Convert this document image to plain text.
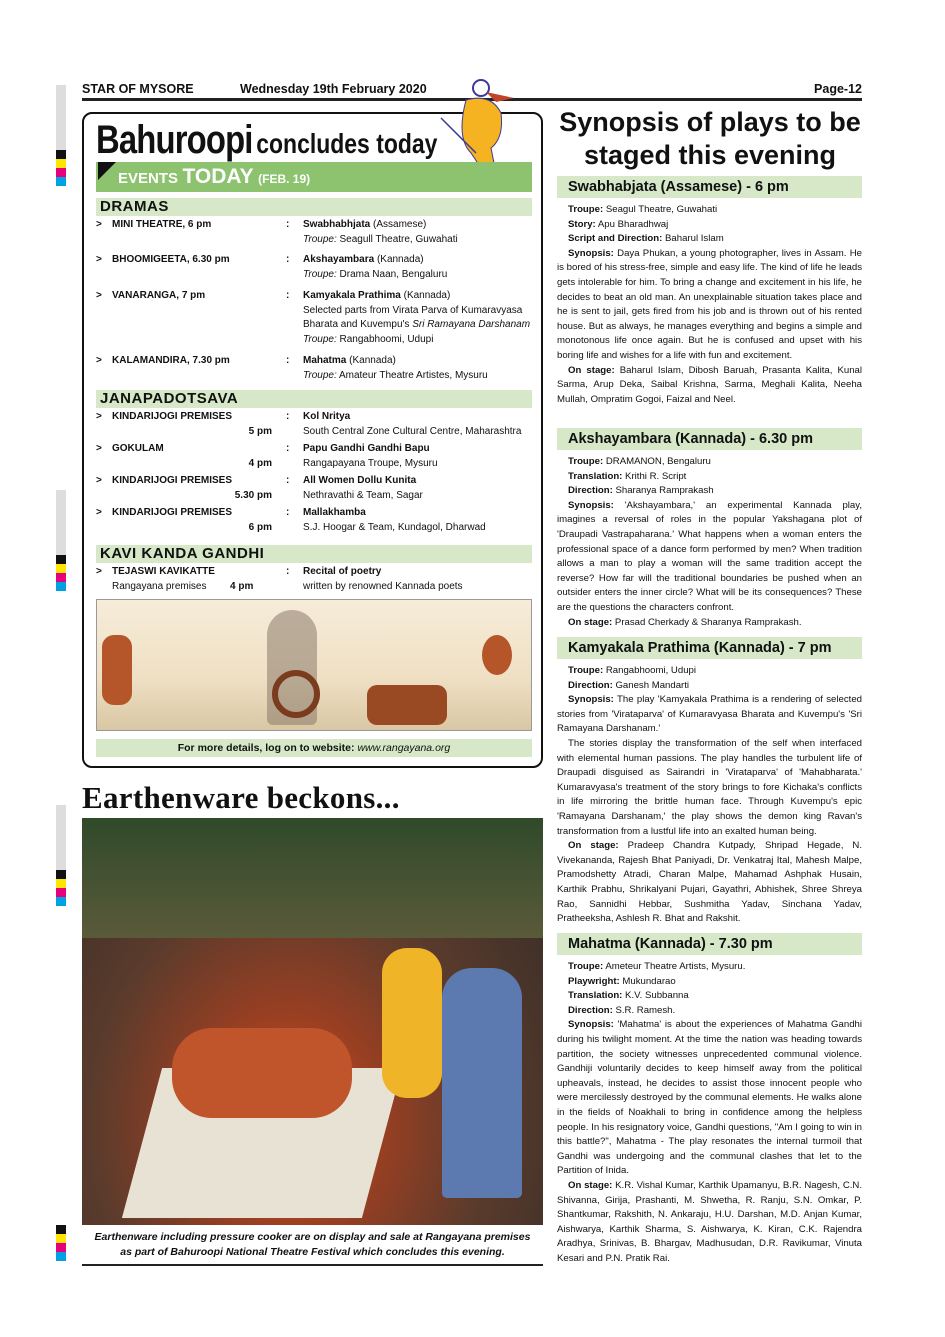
STAR OF MYSORE	Wednesday 19th February 2020	Page-12
Bahuroopi concludes today
EVENTS TODAY (FEB. 19)
DRAMAS
> MINI THEATRE, 6 pm	: Swabhabhjata (Assamese)
Troupe: Seagull Theatre, Guwahati
> BHOOMIGEETA, 6.30 pm	: Akshayambara (Kannada)
Troupe: Drama Naan, Bengaluru
> VANARANGA, 7 pm	: Kamyakala Prathima (Kannada)
Selected parts from Virata Parva of Kumaravyasa
Bharata and Kuvempu's Sri Ramayana Darshanam
Troupe: Rangabhoomi, Udupi
> KALAMANDIRA, 7.30 pm	: Mahatma (Kannada)
Troupe: Amateur Theatre Artistes, Mysuru
JANAPADOTSAVA
> KINDARIJOGI PREMISES
5 pm
: Kol Nritya
South Central Zone Cultural Centre, Maharashtra
> GOKULAM
4 pm
: Papu Gandhi Gandhi Bapu
Rangapayana Troupe, Mysuru
> KINDARIJOGI PREMISES
5.30 pm
: All Women Dollu Kunita
Nethravathi & Team, Sagar
> KINDARIJOGI PREMISES
6 pm
: Mallakhamba
S.J. Hoogar & Team, Kundagol, Dharwad
KAVI KANDA GANDHI
> TEJASWI KAVIKATTE
Rangayana premises 4 pm
: Recital of poetry
written by renowned Kannada poets
For more details, log on to website: www.rangayana.org
Earthenware beckons...
Earthenware including pressure cooker are on display and sale at Rangayana premises
as part of Bahuroopi National Theatre Festival which concludes this evening.
Synopsis of plays to be staged this evening
Swabhabjata (Assamese) - 6 pm

Troupe: Seagul Theatre, Guwahati

Story: Apu Bharadhwaj

Script and Direction: Baharul Islam

Synopsis: Daya Phukan, a young photographer, lives in Assam. He is bored of his stress-free, simple and easy life. The kind of life he leads gets intolerable for him. To bring a change and excitement in his life, he decides to beat an old man. An unexplainable situation takes place and he is sent to jail, gets fired from his job and is thrown out of his rented house. But as always, he manages everything and begins a simple and monotonous life once again. But he is confused and upset with his boring life and wishes for a life with fun and excitement.

On stage: Baharul Islam, Dibosh Baruah, Prasanta Kalita, Kunal Sarma, Arup Deka, Saibal Krishna, Sarma, Meghali Kalita, Neeha Mullah, Ompratim Gogoi, Faizal and Neel.

Akshayambara (Kannada) - 6.30 pm

Troupe: DRAMANON, Bengaluru

Translation: Krithi R. Script

Direction: Sharanya Ramprakash

Synopsis: 'Akshayambara,' an experimental Kannada play, imagines a reversal of roles in the popular Yakshagana plot of 'Draupadi Vastrapaharana.' What happens when a woman enters the professional space of a dance form performed by men? When tradition allows a man to play a woman will the same tradition accept the reverse? How far will the traditional boundaries be pushed when an outsider enters the inner circle? What will be its consequences? These are the questions the characters confront.

On stage: Prasad Cherkady & Sharanya Ramprakash.

Kamyakala Prathima (Kannada) - 7 pm

Troupe: Rangabhoomi, Udupi

Direction: Ganesh Mandarti

Synopsis: The play 'Kamyakala Prathima is a rendering of selected stories from 'Virataparva' of Kumaravyasa Bharata and Kuvempu's 'Sri Ramayana Darshanam.'

The stories display the transformation of the self when interfaced with elemental human passions. The play handles the turbulent life of Draupadi disguised as Sairandri in 'Virataparva' of 'Mahabharata.' Kumaravyasa's treatment of the story brings to fore Kichaka's conflicts in life mirroring the brittle human face. Through Kuvempu's epic 'Ramayana Darshanam,' the play shows the demon king Ravan's transformation from a lustful life into an exalted human being.

On stage: Pradeep Chandra Kutpady, Shripad Hegade, N. Vivekananda, Rajesh Bhat Paniyadi, Dr. Venkatraj Ital, Mahesh Malpe, Pramodshetty Atradi, Charan Malpe, Mahamad Ashphak Husain, Karthik Prabhu, Shrikalyani Pujari, Gayathri, Abhishek, Shree Shreya Rao, Sannidhi Hebbar, Sushmitha Yadav, Sinchana Yadav, Pratheeksha, Ashlesh R. Bhat and Rakshit.

Mahatma (Kannada) - 7.30 pm

Troupe: Ameteur Theatre Artists, Mysuru.

Playwright: Mukundarao

Translation: K.V. Subbanna

Direction: S.R. Ramesh.

Synopsis: 'Mahatma' is about the experiences of Mahatma Gandhi during his twilight moment. At the time the nation was heading towards partition, the society witnesses unprecedented communal violence. Gandhiji voluntarily decides to keep himself away from the political upheavals, instead, he decides to assist those innocent people who were mercilessly destroyed by the communal elements. He walks alone in the fields of Noakhali to bring in confidence among the helpless people. In his resignatory voice, Gandhi questions, "Am I going to win in this battle?", Mahatma - The play resonates the internal turmoil that Gandhi was undergoing and the communal clashes that let to the Partition of Inida.

On stage: K.R. Vishal Kumar, Karthik Upamanyu, B.R. Nagesh, C.N. Shivanna, Girija, Prashanti, M. Shwetha, R. Ranju, S.N. Omkar, P. Shantkumar, Rakshith, N. Ankaraju, H.U. Darshan, M.D. Anjan Kumar, Aishwarya, Karthik Sharma, S. Aishwarya, K. Kiran, C.K. Rajendra Aradhya, Srinivas, B. Bhargav, Madhusudan, D.R. Ravikumar, Vinuta Kesari and P.N. Pratik Rai.
